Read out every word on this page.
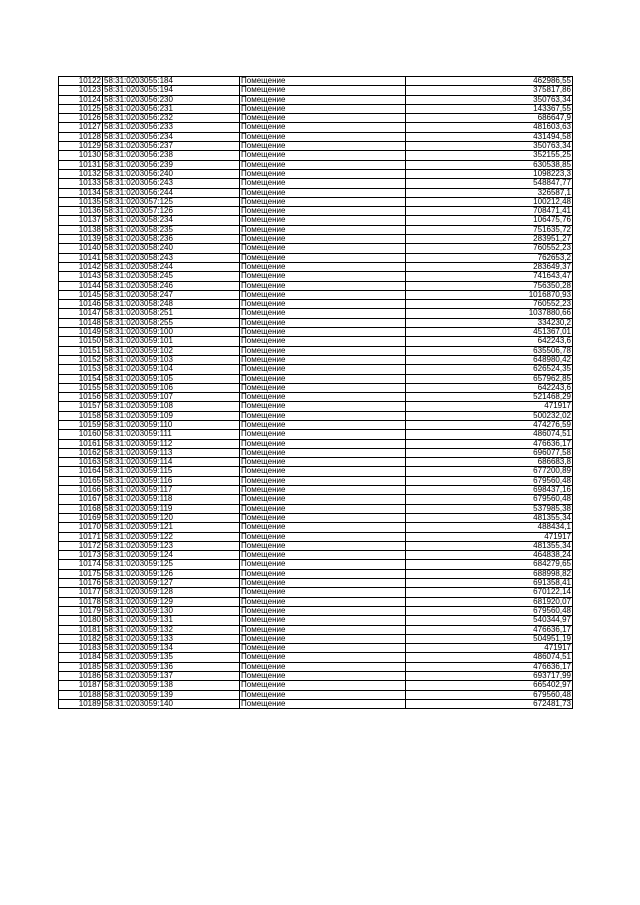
10122	58:31:0203055:184	Помещение	462986,55
10123	58:31:0203055:194	Помещение	375817,86
10124	58:31:0203056:230	Помещение	350763,34
10125	58:31:0203056:231	Помещение	143367,55
10126	58:31:0203056:232	Помещение	686647,9
10127	58:31:0203056:233	Помещение	481603,63
10128	58:31:0203056:234	Помещение	431494,58
10129	58:31:0203056:237	Помещение	350763,34
10130	58:31:0203056:238	Помещение	352155,25
10131	58:31:0203056:239	Помещение	630538,85
10132	58:31:0203056:240	Помещение	1098223,3
10133	58:31:0203056:243	Помещение	548847,77
10134	58:31:0203056:244	Помещение	326587,1
10135	58:31:0203057:125	Помещение	100212,48
10136	58:31:0203057:126	Помещение	708471,41
10137	58:31:0203058:234	Помещение	106475,76
10138	58:31:0203058:235	Помещение	751635,72
10139	58:31:0203058:236	Помещение	283951,27
10140	58:31:0203058:240	Помещение	760552,23
10141	58:31:0203058:243	Помещение	762653,2
10142	58:31:0203058:244	Помещение	283649,37
10143	58:31:0203058:245	Помещение	741643,47
10144	58:31:0203058:246	Помещение	756350,28
10145	58:31:0203058:247	Помещение	1016870,93
10146	58:31:0203058:248	Помещение	760552,23
10147	58:31:0203058:251	Помещение	1037880,66
10148	58:31:0203058:255	Помещение	334230,2
10149	58:31:0203059:100	Помещение	451367,01
10150	58:31:0203059:101	Помещение	642243,6
10151	58:31:0203059:102	Помещение	635506,78
10152	58:31:0203059:103	Помещение	648980,42
10153	58:31:0203059:104	Помещение	626524,35
10154	58:31:0203059:105	Помещение	657962,85
10155	58:31:0203059:106	Помещение	642243,6
10156	58:31:0203059:107	Помещение	521468,29
10157	58:31:0203059:108	Помещение	471917
10158	58:31:0203059:109	Помещение	500232,02
10159	58:31:0203059:110	Помещение	474276,59
10160	58:31:0203059:111	Помещение	486074,51
10161	58:31:0203059:112	Помещение	476636,17
10162	58:31:0203059:113	Помещение	696077,58
10163	58:31:0203059:114	Помещение	686683,8
10164	58:31:0203059:115	Помещение	677200,89
10165	58:31:0203059:116	Помещение	679560,48
10166	58:31:0203059:117	Помещение	698437,16
10167	58:31:0203059:118	Помещение	679560,48
10168	58:31:0203059:119	Помещение	537985,38
10169	58:31:0203059:120	Помещение	481355,34
10170	58:31:0203059:121	Помещение	488434,1
10171	58:31:0203059:122	Помещение	471917
10172	58:31:0203059:123	Помещение	481355,34
10173	58:31:0203059:124	Помещение	464838,24
10174	58:31:0203059:125	Помещение	684279,65
10175	58:31:0203059:126	Помещение	688998,82
10176	58:31:0203059:127	Помещение	691358,41
10177	58:31:0203059:128	Помещение	670122,14
10178	58:31:0203059:129	Помещение	681920,07
10179	58:31:0203059:130	Помещение	679560,48
10180	58:31:0203059:131	Помещение	540344,97
10181	58:31:0203059:132	Помещение	476636,17
10182	58:31:0203059:133	Помещение	504951,19
10183	58:31:0203059:134	Помещение	471917
10184	58:31:0203059:135	Помещение	486074,51
10185	58:31:0203059:136	Помещение	476636,17
10186	58:31:0203059:137	Помещение	693717,99
10187	58:31:0203059:138	Помещение	665402,97
10188	58:31:0203059:139	Помещение	679560,48
10189	58:31:0203059:140	Помещение	672481,73
